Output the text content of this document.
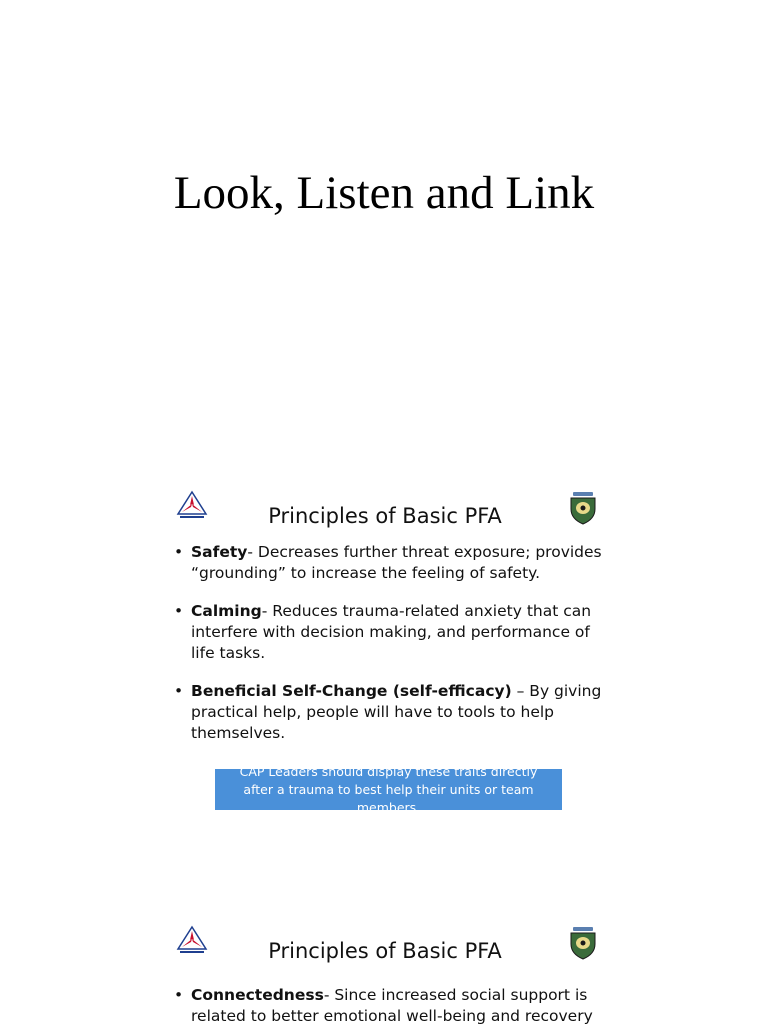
Look, Listen and Link
Principles of Basic PFA
• Safety- Decreases further threat exposure; provides “grounding” to increase the feeling of safety.
• Calming- Reduces trauma-related anxiety that can interfere with decision making, and performance of life tasks.
• Beneficial Self-Change (self-efficacy) – By giving practical help, people will have to tools to help themselves.
CAP Leaders should display these traits directly after a trauma to best help their units or team members.
Principles of Basic PFA
• Connectedness- Since increased social support is related to better emotional well-being and recovery
